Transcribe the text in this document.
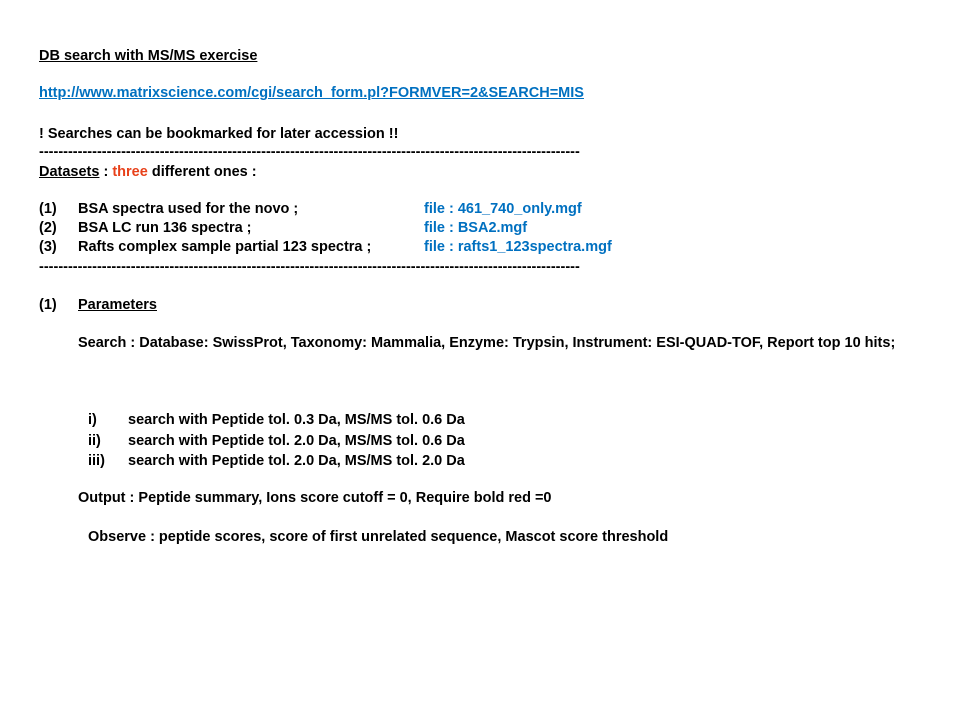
DB search with MS/MS exercise
http://www.matrixscience.com/cgi/search_form.pl?FORMVER=2&SEARCH=MIS
! Searches can be bookmarked for later accession !!
----------------------------------------------------------------------------------------------------------------
Datasets : three different ones :
(1) BSA spectra used for the novo ;	file : 461_740_only.mgf
(2) BSA LC run 136 spectra ;	file : BSA2.mgf
(3) Rafts complex sample partial 123 spectra ;	file : rafts1_123spectra.mgf
----------------------------------------------------------------------------------------------------------------
(1) Parameters
Search : Database: SwissProt, Taxonomy: Mammalia, Enzyme: Trypsin, Instrument: ESI-QUAD-TOF, Report top 10 hits;
i) search with Peptide tol. 0.3 Da, MS/MS tol. 0.6 Da
ii) search with Peptide tol. 2.0 Da, MS/MS tol. 0.6 Da
iii) search with Peptide tol. 2.0 Da, MS/MS tol. 2.0 Da
Output : Peptide summary, Ions score cutoff = 0, Require bold red =0
Observe : peptide scores, score of first unrelated sequence, Mascot score threshold
